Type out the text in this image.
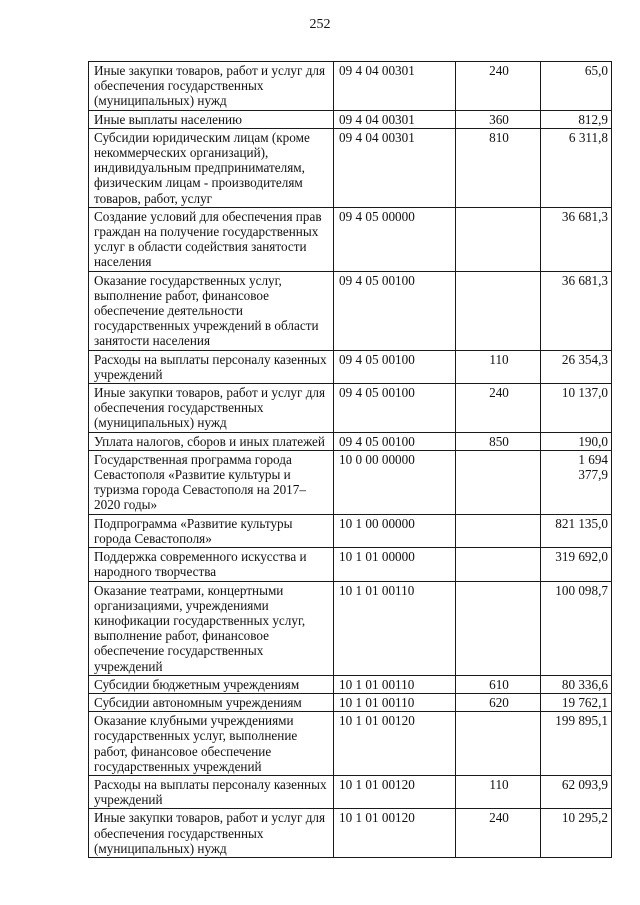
252
Иные закупки товаров, работ и услуг для обеспечения государственных (муниципальных) нужд	09 4 04 00301	240	65,0
Иные выплаты населению	09 4 04 00301	360	812,9
Субсидии юридическим лицам (кроме некоммерческих организаций), индивидуальным предпринимателям, физическим лицам - производителям товаров, работ, услуг	09 4 04 00301	810	6 311,8
Создание условий для обеспечения прав граждан на получение государственных услуг в области содействия занятости населения	09 4 05 00000		36 681,3
Оказание государственных услуг, выполнение работ, финансовое обеспечение деятельности государственных учреждений в области занятости населения	09 4 05 00100		36 681,3
Расходы на выплаты персоналу казенных учреждений	09 4 05 00100	110	26 354,3
Иные закупки товаров, работ и услуг для обеспечения государственных (муниципальных) нужд	09 4 05 00100	240	10 137,0
Уплата налогов, сборов и иных платежей	09 4 05 00100	850	190,0
Государственная программа города Севастополя «Развитие культуры и туризма города Севастополя на 2017–2020 годы»	10 0 00 00000		1 694 377,9
Подпрограмма «Развитие культуры города Севастополя»	10 1 00 00000		821 135,0
Поддержка современного искусства и народного творчества	10 1 01 00000		319 692,0
Оказание театрами, концертными организациями, учреждениями кинофикации государственных услуг, выполнение работ, финансовое обеспечение государственных учреждений	10 1 01 00110		100 098,7
Субсидии бюджетным учреждениям	10 1 01 00110	610	80 336,6
Субсидии автономным учреждениям	10 1 01 00110	620	19 762,1
Оказание клубными учреждениями государственных услуг, выполнение работ, финансовое обеспечение государственных учреждений	10 1 01 00120		199 895,1
Расходы на выплаты персоналу казенных учреждений	10 1 01 00120	110	62 093,9
Иные закупки товаров, работ и услуг для обеспечения государственных (муниципальных) нужд	10 1 01 00120	240	10 295,2
